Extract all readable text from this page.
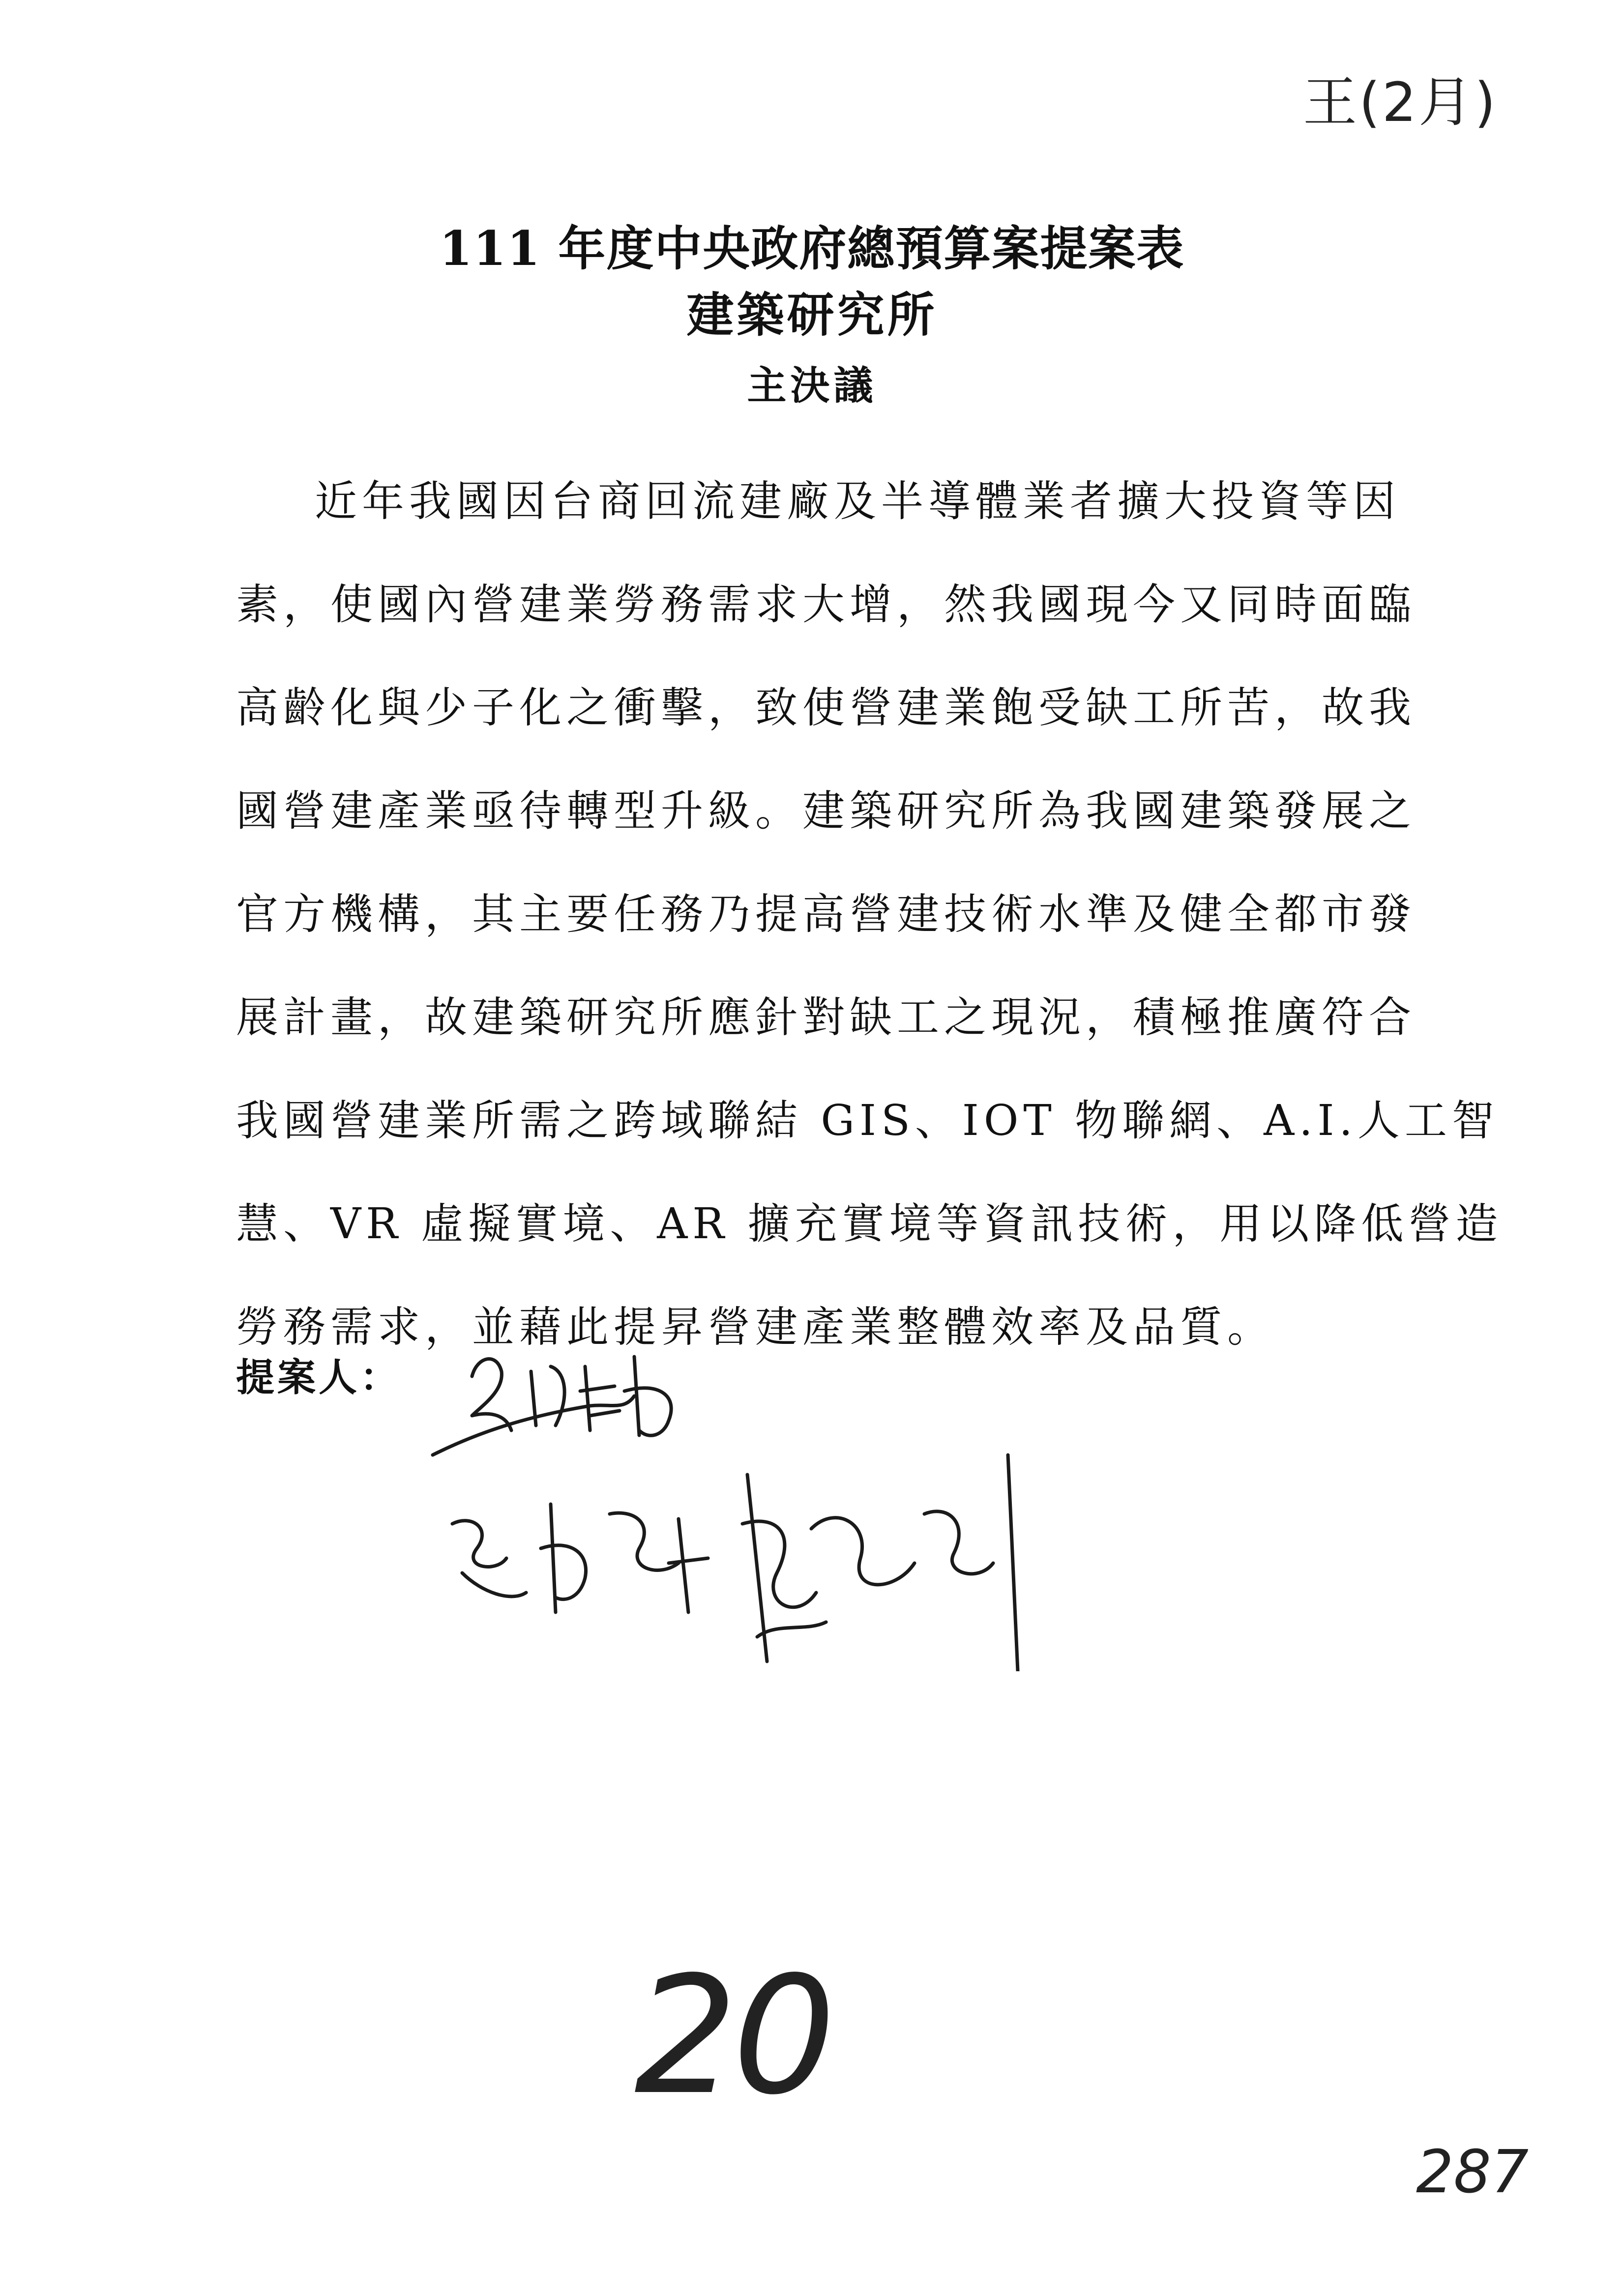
王(2月)
111 年度中央政府總預算案提案表
建築研究所
主決議
近年我國因台商回流建廠及半導體業者擴大投資等因
素，使國內營建業勞務需求大增，然我國現今又同時面臨
高齡化與少子化之衝擊，致使營建業飽受缺工所苦，故我
國營建產業亟待轉型升級。建築研究所為我國建築發展之
官方機構，其主要任務乃提高營建技術水準及健全都市發
展計畫，故建築研究所應針對缺工之現況，積極推廣符合
我國營建業所需之跨域聯結 GIS、IOT 物聯網、A.I.人工智
慧、VR 虛擬實境、AR 擴充實境等資訊技術，用以降低營造
勞務需求，並藉此提昇營建產業整體效率及品質。
提案人：
20
287
